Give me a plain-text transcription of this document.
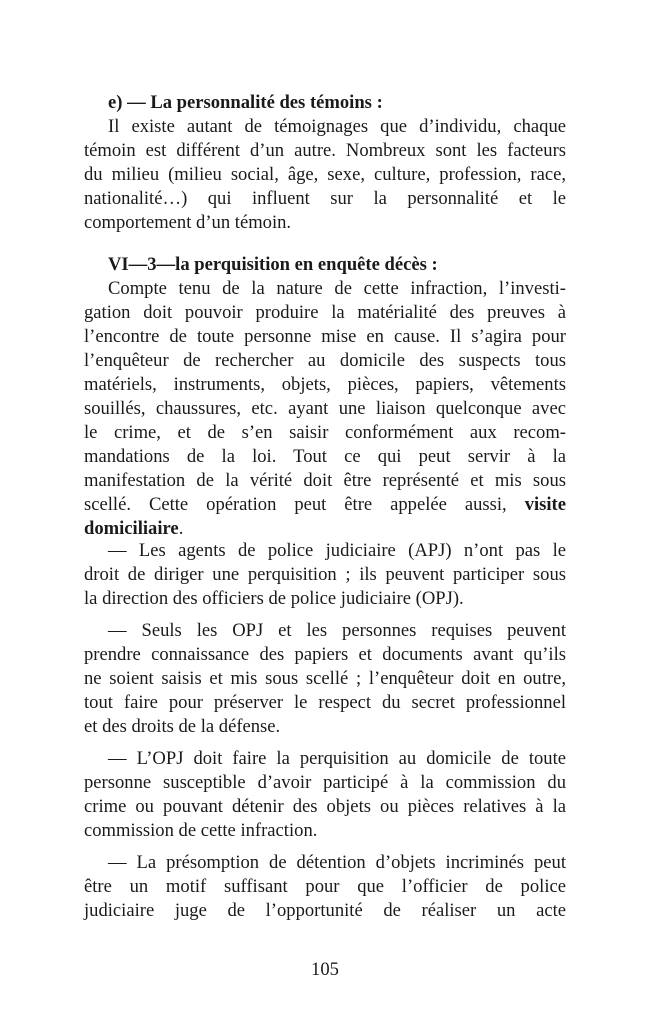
e) — La personnalité des témoins :
Il existe autant de témoignages que d’individu, chaque
témoin est différent d’un autre. Nombreux sont les facteurs
du milieu (milieu social, âge, sexe, culture, profession, race,
nationalité…) qui influent sur la personnalité et le
comportement d’un témoin.
VI—3—la perquisition en enquête décès :
Compte tenu de la nature de cette infraction, l’investi-
gation doit pouvoir produire la matérialité des preuves à
l’encontre de toute personne mise en cause. Il s’agira pour
l’enquêteur de rechercher au domicile des suspects tous
matériels, instruments, objets, pièces, papiers, vêtements
souillés, chaussures, etc. ayant une liaison quelconque avec
le crime, et de s’en saisir conformément aux recom-
mandations de la loi. Tout ce qui peut servir à la
manifestation de la vérité doit être représenté et mis sous
scellé. Cette opération peut être appelée aussi, visite
domiciliaire.
— Les agents de police judiciaire (APJ) n’ont pas le
droit de diriger une perquisition ; ils peuvent participer sous
la direction des officiers de police judiciaire (OPJ).
— Seuls les OPJ et les personnes requises peuvent
prendre connaissance des papiers et documents avant qu’ils
ne soient saisis et mis sous scellé ; l’enquêteur doit en outre,
tout faire pour préserver le respect du secret professionnel
et des droits de la défense.
— L’OPJ doit faire la perquisition au domicile de toute
personne susceptible d’avoir participé à la commission du
crime ou pouvant détenir des objets ou pièces relatives à la
commission de cette infraction.
— La présomption de détention d’objets incriminés peut
être un motif suffisant pour que l’officier de police
judiciaire juge de l’opportunité de réaliser un acte
105
